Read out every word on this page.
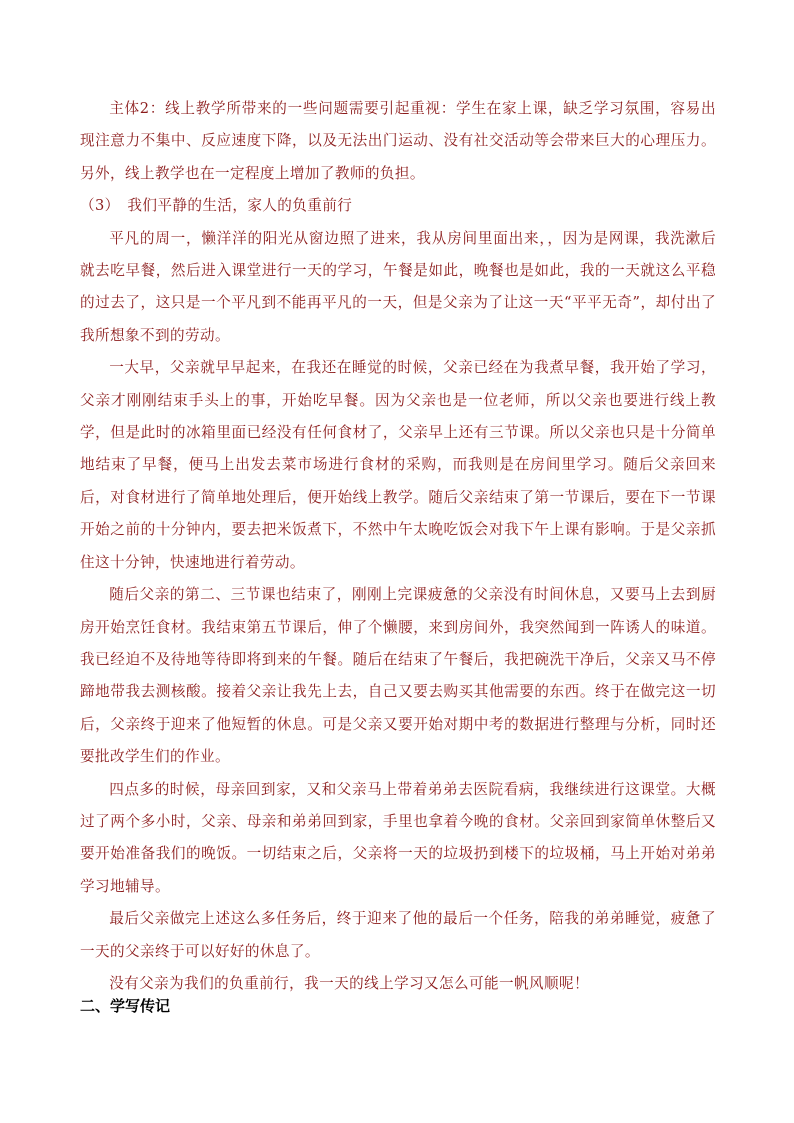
主体2：线上教学所带来的一些问题需要引起重视：学生在家上课，缺乏学习氛围，容易出现注意力不集中、反应速度下降，以及无法出门运动、没有社交活动等会带来巨大的心理压力。另外，线上教学也在一定程度上增加了教师的负担。

（3）　我们平静的生活，家人的负重前行

平凡的周一，懒洋洋的阳光从窗边照了进来，我从房间里面出来，，因为是网课，我洗漱后就去吃早餐，然后进入课堂进行一天的学习，午餐是如此，晚餐也是如此，我的一天就这么平稳的过去了，这只是一个平凡到不能再平凡的一天，但是父亲为了让这一天“平平无奇”，却付出了我所想象不到的劳动。

一大早，父亲就早早起来，在我还在睡觉的时候，父亲已经在为我煮早餐，我开始了学习，父亲才刚刚结束手头上的事，开始吃早餐。因为父亲也是一位老师，所以父亲也要进行线上教学，但是此时的冰箱里面已经没有任何食材了，父亲早上还有三节课。所以父亲也只是十分简单地结束了早餐，便马上出发去菜市场进行食材的采购，而我则是在房间里学习。随后父亲回来后，对食材进行了简单地处理后，便开始线上教学。随后父亲结束了第一节课后，要在下一节课开始之前的十分钟内，要去把米饭煮下，不然中午太晚吃饭会对我下午上课有影响。于是父亲抓住这十分钟，快速地进行着劳动。

随后父亲的第二、三节课也结束了，刚刚上完课疲惫的父亲没有时间休息，又要马上去到厨房开始烹饪食材。我结束第五节课后，伸了个懒腰，来到房间外，我突然闻到一阵诱人的味道。我已经迫不及待地等待即将到来的午餐。随后在结束了午餐后，我把碗洗干净后，父亲又马不停蹄地带我去测核酸。接着父亲让我先上去，自己又要去购买其他需要的东西。终于在做完这一切后，父亲终于迎来了他短暂的休息。可是父亲又要开始对期中考的数据进行整理与分析，同时还要批改学生们的作业。

四点多的时候，母亲回到家，又和父亲马上带着弟弟去医院看病，我继续进行这课堂。大概过了两个多小时，父亲、母亲和弟弟回到家，手里也拿着今晚的食材。父亲回到家简单休整后又要开始准备我们的晚饭。一切结束之后，父亲将一天的垃圾扔到楼下的垃圾桶，马上开始对弟弟学习地辅导。

最后父亲做完上述这么多任务后，终于迎来了他的最后一个任务，陪我的弟弟睡觉，疲惫了一天的父亲终于可以好好的休息了。

没有父亲为我们的负重前行，我一天的线上学习又怎么可能一帆风顺呢！

二、学写传记
